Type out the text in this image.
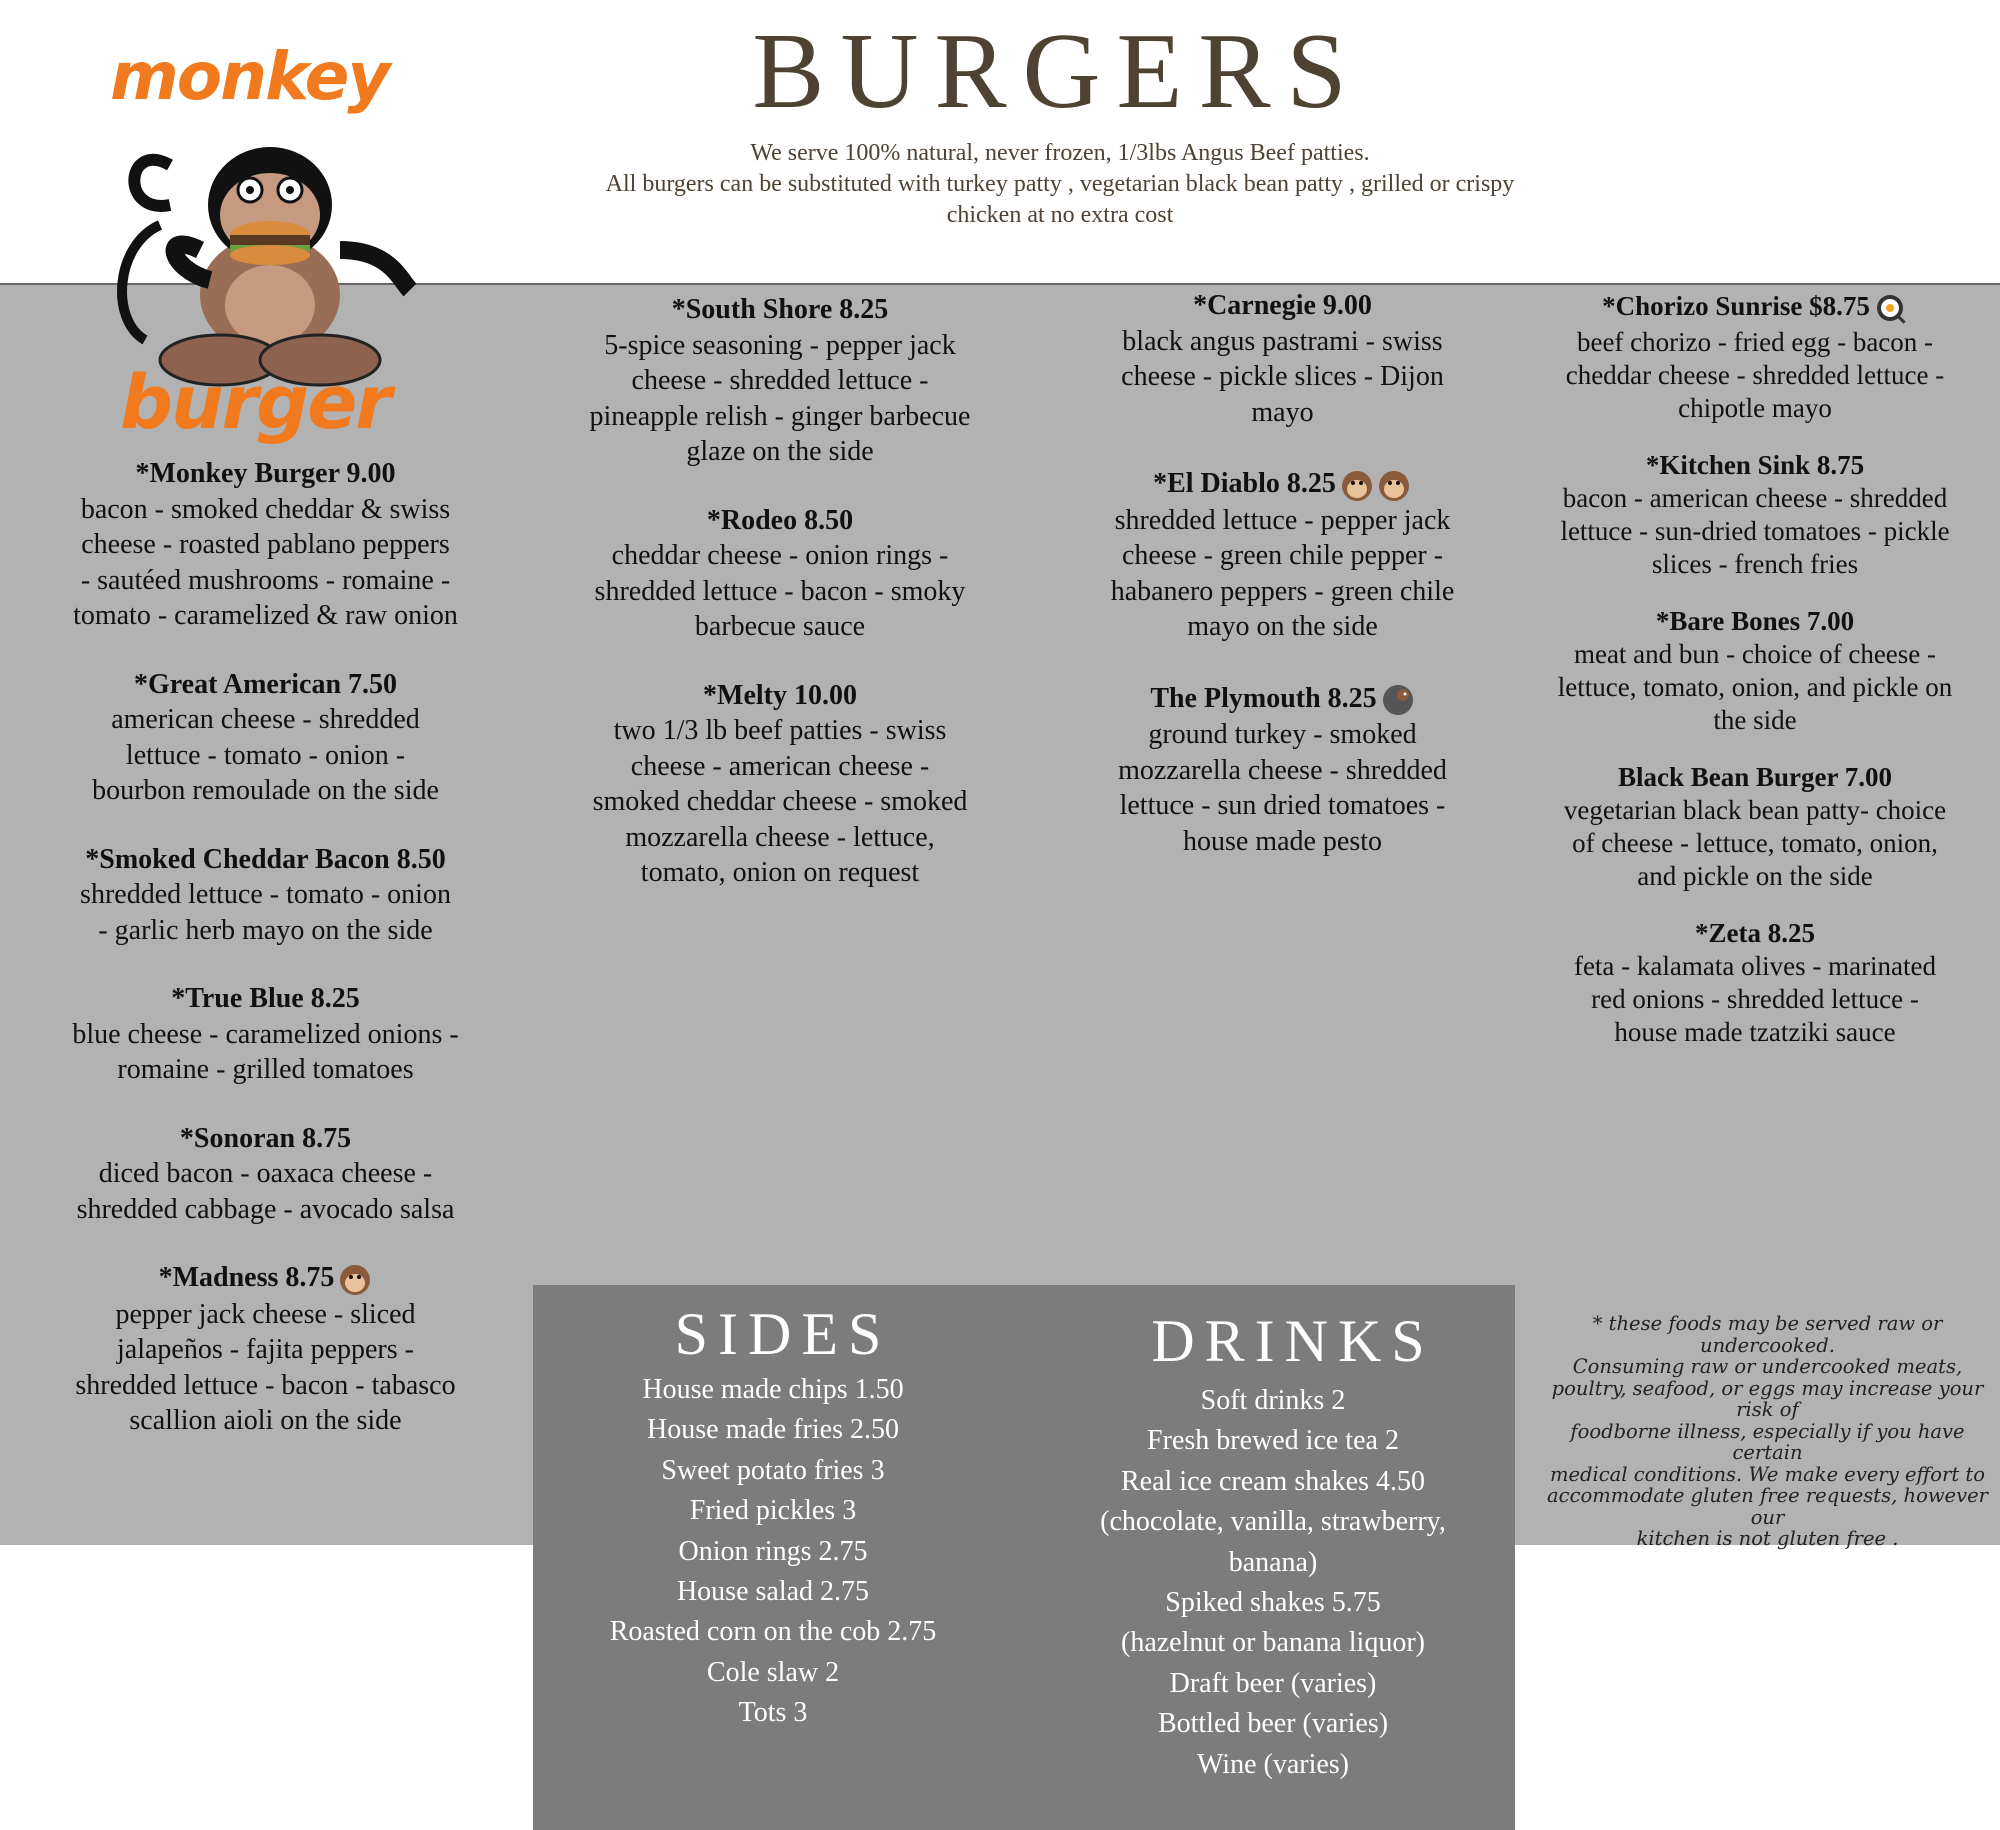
BURGERS
We serve 100% natural, never frozen, 1/3lbs Angus Beef patties.
All burgers can be substituted with turkey patty , vegetarian black bean patty , grilled or crispy
chicken at no extra cost
SIDES
House made chips 1.50
House made fries 2.50
Sweet potato fries 3
Fried pickles 3
Onion rings 2.75
House salad 2.75
Roasted corn on the cob 2.75
Cole slaw 2
Tots 3
DRINKS
Soft drinks 2
Fresh brewed ice tea 2
Real ice cream shakes 4.50
(chocolate, vanilla, strawberry,
banana)
Spiked shakes 5.75
(hazelnut or banana liquor)
Draft beer (varies)
Bottled beer (varies)
Wine (varies)
* these foods may be served raw or undercooked.
Consuming raw or undercooked meats,
poultry, seafood, or eggs may increase your risk of
foodborne illness, especially if you have certain
medical conditions. We make every effort to
accommodate gluten free requests, however our
kitchen is not gluten free .
monkey
burger
*Monkey Burger 9.00
bacon - smoked cheddar & swiss
cheese - roasted pablano peppers
- sautéed mushrooms - romaine -
tomato - caramelized & raw onion
*Great American 7.50
american cheese - shredded
lettuce - tomato - onion -
bourbon remoulade on the side
*Smoked Cheddar Bacon 8.50
shredded lettuce - tomato - onion
- garlic herb mayo on the side
*True Blue 8.25
blue cheese - caramelized onions -
romaine - grilled tomatoes
*Sonoran 8.75
diced bacon - oaxaca cheese -
shredded cabbage - avocado salsa
*Madness 8.75
pepper jack cheese - sliced
jalapeños - fajita peppers -
shredded lettuce - bacon - tabasco
scallion aioli on the side
*South Shore 8.25
5-spice seasoning - pepper jack
cheese - shredded lettuce -
pineapple relish - ginger barbecue
glaze on the side
*Rodeo 8.50
cheddar cheese - onion rings -
shredded lettuce - bacon - smoky
barbecue sauce
*Melty 10.00
two 1/3 lb beef patties - swiss
cheese - american cheese -
smoked cheddar cheese - smoked
mozzarella cheese - lettuce,
tomato, onion on request
*Carnegie 9.00
black angus pastrami - swiss
cheese - pickle slices - Dijon
mayo
*El Diablo 8.25
shredded lettuce - pepper jack
cheese - green chile pepper -
habanero peppers - green chile
mayo on the side
The Plymouth 8.25
ground turkey - smoked
mozzarella cheese - shredded
lettuce - sun dried tomatoes -
house made pesto
*Chorizo Sunrise $8.75
beef chorizo - fried egg - bacon -
cheddar cheese - shredded lettuce -
chipotle mayo
*Kitchen Sink 8.75
bacon - american cheese - shredded
lettuce - sun-dried tomatoes - pickle
slices - french fries
*Bare Bones 7.00
meat and bun - choice of cheese -
lettuce, tomato, onion, and pickle on
the side
Black Bean Burger 7.00
vegetarian black bean patty- choice
of cheese - lettuce, tomato, onion,
and pickle on the side
*Zeta 8.25
feta - kalamata olives - marinated
red onions - shredded lettuce -
house made tzatziki sauce
